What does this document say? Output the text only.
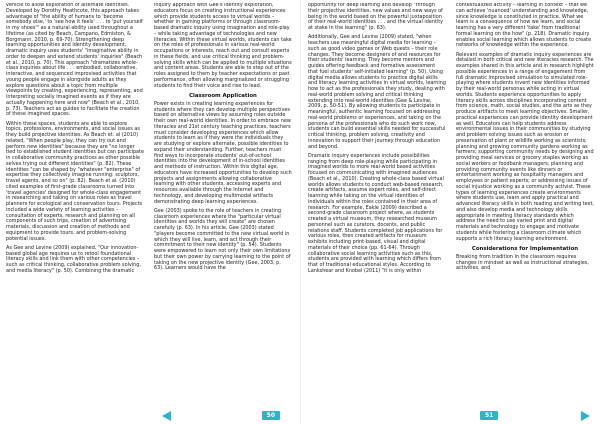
vehicle to allow exploration of alternate identities. Developed by Dorothy Heathcote, this approach takes advantage of "the ability of humans to 'become somebody else,' to 'see how it feels' . . . to 'put yourself in my shoes'" as a natural ability used throughout a lifetime (as cited by Beach, Campano, Edmiston, & Borgmann, 2010, p. 69-70). Strengthening deep learning opportunities and identity development, dramatic inquiry uses students' "imaginative ability in order to deepen and extend students' inquiries" (Beach et al., 2010, p. 70). This approach "dramatizes whole-class inquiries about life . . . embodied, collaborative, interactive, and sequenced improvised activities that young people engage in alongside adults as they explore questions about a topic from multiple viewpoints by creating, experiencing, representing, and interpreting socially imagined events as if they are actually happening here and now" (Beach et al., 2010, p. 73). Teachers act as guides to facilitate the creation of these imagined spaces.

Within these spaces, students are able to explore topics, professions, environments, and social issues as they build projective identities. As Beach et. al (2010) related, "When people play, they can try out and perform new identities" because they are "no longer tied to established student identities but can participate in collaborative community practices as other possible selves trying out different identities" (p. 82). These identities "can be shaped by "whatever "enterprise" of expertise they collectively imagine running: sculptors, travel agents, and so on" (p. 82). Beach et al. (2010) cited examples of first-grade classrooms turned into 'travel agencies' designed for whole-class engagement in researching and taking on various roles as travel planners for ecological and conservation tours. Projects included a wide variety of learning activities – consultation of experts, research and planning on all components of such trips, creation of advertising materials, discussion and creation of methods and equipment to provide tours, and problem-solving potential issues.

As Gee and Levine (2009) explained, "Our innovation-based global age requires us to retool foundational literacy skills and link them with other competencies – such as critical thinking, collaborative problem solving, and media literacy" (p. 50). Combining the dramatic

inquiry approach with Gee's identity exploration, educators focus on creating instructional experiences which provide students access to virtual worlds – whether in gaming platforms or through classroom-based dramatic inquiry using imagination and role-play – while taking advantage of technologies and new literacies. Within these virtual worlds, students can take on the roles of professionals in various real-world occupations or interests, reach out and consult experts in these fields, and use critical thinking and problem-solving skills which can be applied to multiple situations and content areas. Students are able to step out of the roles assigned to them by teacher expectations or past performance, often allowing marginalized or struggling students to find their voice and rise to lead.

Classroom Application

Power exists in creating learning experiences for students where they can develop multiple perspectives based on alternative views by assuming roles outside their own real-world identities. In order to embrace new literacies and 21st century teaching practices, teachers must consider developing experiences which allow students to learn as if they were the individuals they are studying or explore alternate, possible identities to expand their understanding. Further, teachers must find ways to incorporate students' out-of-school identities into the development of in-school identities and methods of instruction. Within this digital age, educators have increased opportunities to develop such projects and assignments allowing collaborative learning with other students, accessing experts and resources available through the Internet and technology, and developing multimodal artifacts demonstrating deep learning experiences.

Gee (2003) spoke to the role of teachers in creating classroom experiences where the "particular virtual identities and worlds they will create" are chosen carefully (p. 63). In his article, Gee (2003) stated "players become committed to the new virtual world in which they will live, learn, and act through their commitment to their new identity" (p. 54). Students were empowered to learn not only their own limitations but their own power by carrying learning to the point of taking on the new projective identity (Gee, 2003, p. 63). Learners would have the

50

opportunity for deep learning and develop "through their projective identities, new values and new ways of being in the world based on the powerful juxtaposition of their real-world identities . . . and the virtual identity at stake in the learning" (p. 63).

Additionally, Gee and Levine (2009) stated, "when teachers use meaningful digital media for learning – such as good video games or Web quests – their role changes. They become designers of and resources for their students' learning. They become mentors and guides offering feedback and formative assessment that fuel students' self-initiated learning" (p. 50). Using digital media allows students to practice digital skills and literacy learning activities in virtual worlds, learning how to act as the professionals they study, dealing with real-world problem solving and critical thinking extending into real-world identities (Gee & Levine, 2009, p. 50-51). By allowing students to participate in meaningful, authentic learning focused on addressing real-world problems or experiences, and taking on the persona of the professionals who do such work now, students can build essential skills needed for successful critical thinking, problem solving, creativity and innovation to support their journey through education and beyond.

Dramatic inquiry experiences include possibilities ranging from deep role-playing while participating in imagined worlds to more real-world based activities focused on communicating with imagined audiences (Beach et al., 2010). Creating whole-class based virtual worlds allows students to conduct web-based research, create artifacts, assume expert roles, and self-direct learning while taking on the virtual identities of individuals within the roles contained in their area of research. For example, Eakle (2009) described a second-grade classroom project where, as students created a virtual museum, they researched museum personnel such as curators, docents, and public relations staff. Students completed job applications for various roles, then created artifacts for museum exhibits including print-based, visual and digital materials of their choice (pp. 61-64). Through collaborative social learning activities such as this, students are provided with learning which differs from that of traditional educational styles. According to Lankshear and Knobel (2011) "it is only within

contextualized activity – learning in context – that we can achieve 'nuanced' understanding and knowledge, since knowledge is constituted in practice. What we learn is a consequence of how we learn, and social learning has a very different 'take' from traditional formal learning on the how" (p. 218). Dramatic inquiry enables social learning which allows students to create networks of knowledge within the experience.

Relevant examples of dramatic inquiry experiences are detailed in both critical and new literacies research. The examples shared in this article and in research highlight possible experiences in a range of engagement from full dramatic improvised simulation to simulated role-playing where students invent new identities informed by their real-world personas while acting in virtual worlds. Students experience opportunities to apply literacy skills across disciplines incorporating content from science, math, social studies, and the arts as they produce artifacts to meet learning objectives. Smaller, practical experiences can provide identity development as well. Educators can help students address environmental issues in their communities by studying and problem solving issues such as erosion or preservation of plant or wildlife working as scientists; planning and growing community gardens working as farmers; supporting community needs by designing and providing meal services or grocery staples working as social workers or foodbank managers; planning and providing community events like dinners or entertainment working as hospitality managers and employees or patient experts; or addressing issues of social injustice working as a community activist. These types of learning experiences create environments where students use, learn and apply practical and advanced literacy skills in both reading and writing text, and also develop media and technology skills appropriate in meeting literacy standards which address the need to use varied print and digital materials and technology to engage and motivate students while fostering a classroom climate which supports a rich literacy learning environment.

Considerations for Implementation

Breaking from tradition in the classroom requires changes in mindset as well as instructional strategies, activities, and

51
